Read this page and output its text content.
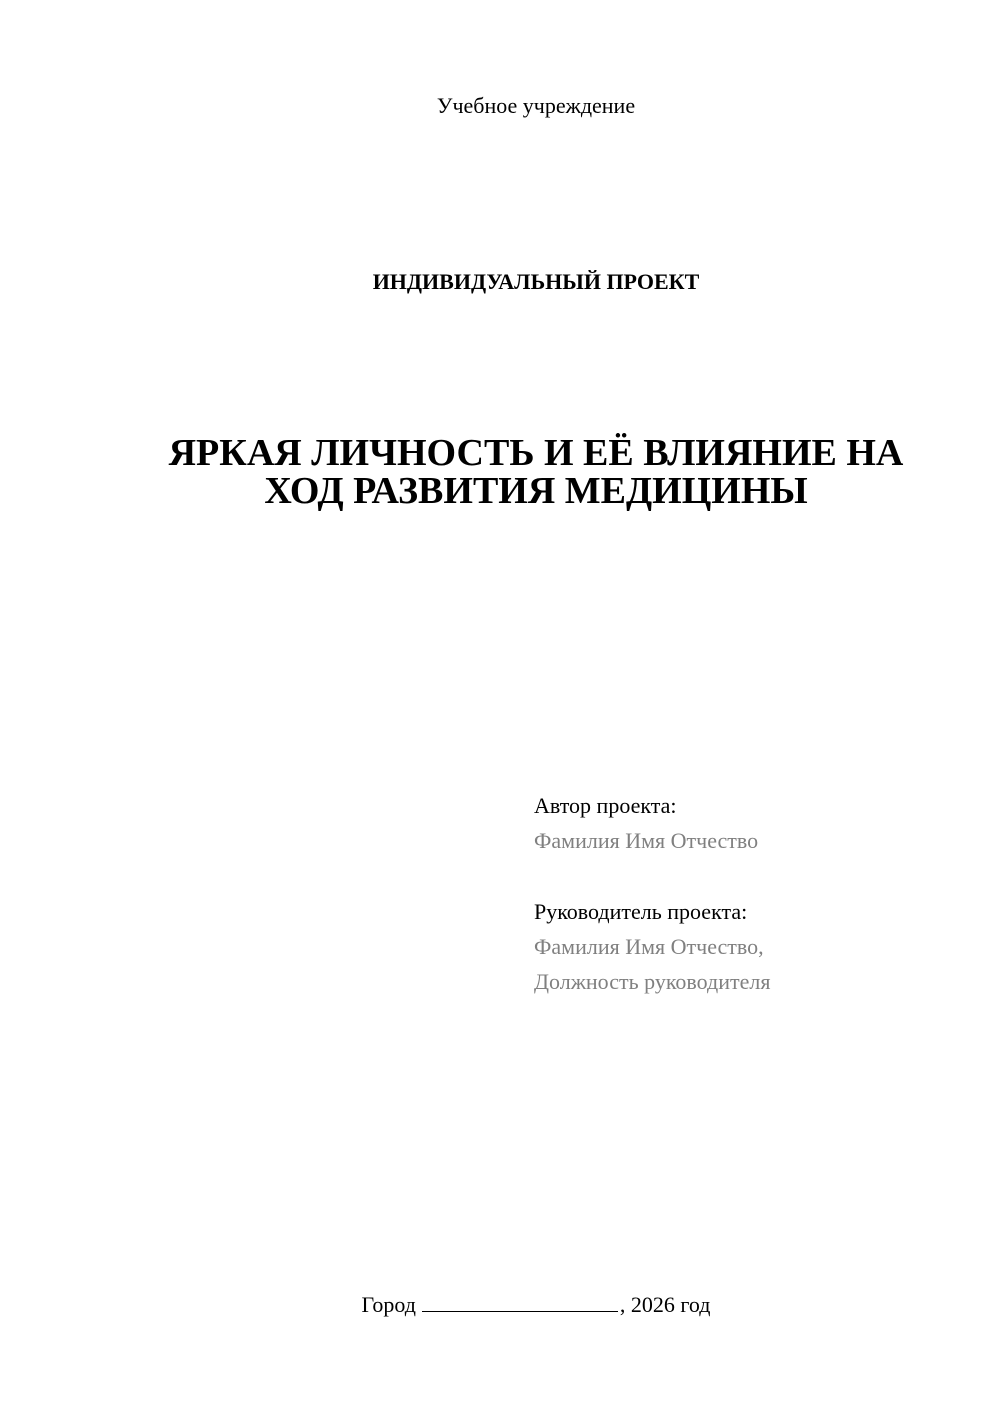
Учебное учреждение
ИНДИВИДУАЛЬНЫЙ ПРОЕКТ
ЯРКАЯ ЛИЧНОСТЬ И ЕЁ ВЛИЯНИЕ НА
ХОД РАЗВИТИЯ МЕДИЦИНЫ
Автор проекта:
Фамилия Имя Отчество
Руководитель проекта:
Фамилия Имя Отчество,
Должность руководителя
Город	, 2026 год
